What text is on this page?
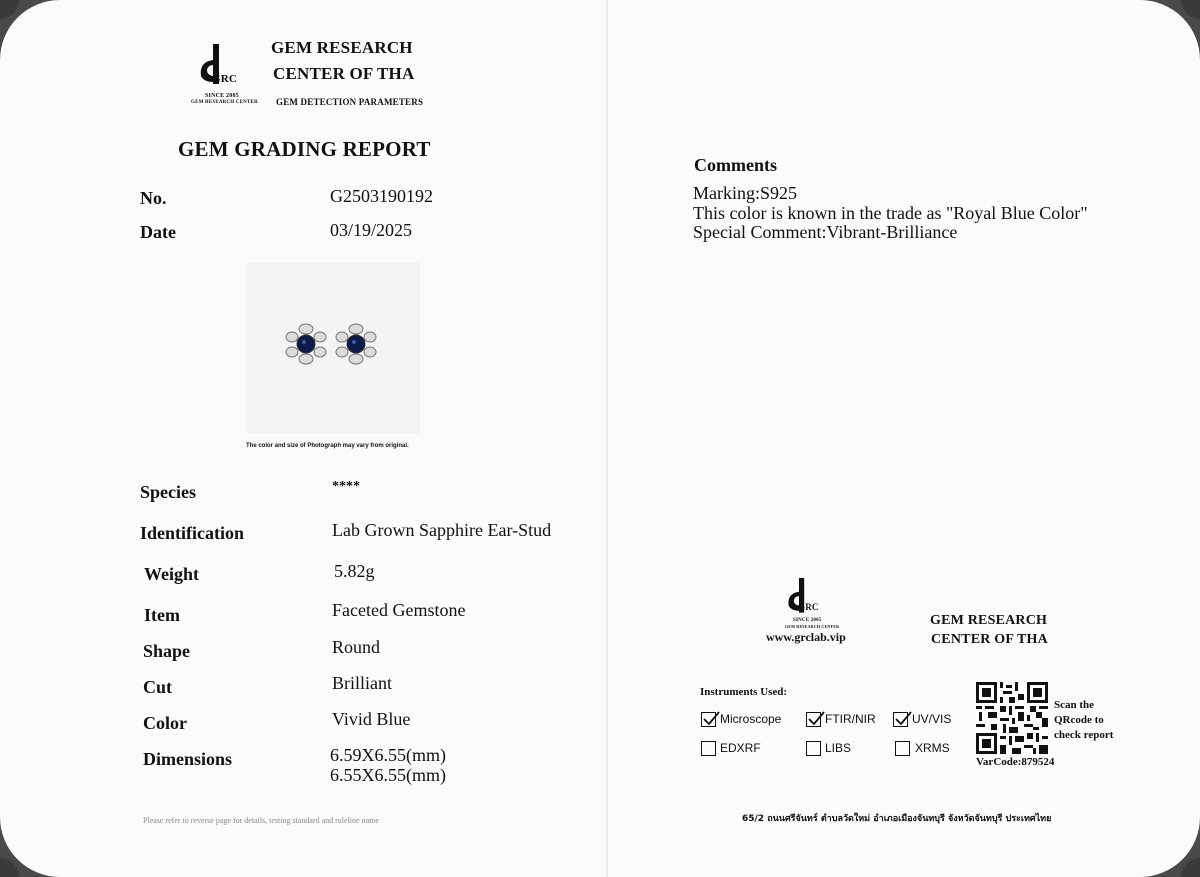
GRC
SINCE 2005
GEM RESEARCH CENTER
GEM RESEARCH
CENTER OF THA
GEM DETECTION PARAMETERS
GEM GRADING REPORT
No.	G2503190192
Date	03/19/2025
The color and size of Photograph may vary from original.
Species	****
Identification	Lab Grown Sapphire Ear-Stud
Weight	5.82g
Item	Faceted Gemstone
Shape	Round
Cut	Brilliant
Color	Vivid Blue
Dimensions	6.59X6.55(mm)
6.55X6.55(mm)
Please refer to reverse page for details, testing standard and ruleline name
Comments
Marking:S925
This color is known in the trade as "Royal Blue Color"
Special Comment:Vibrant-Brilliance
GRC
SINCE 2005
GEM RESEARCH CENTER
www.grclab.vip
GEM RESEARCH
CENTER OF THA
Instruments Used:
Microscope	FTIR/NIR	UV/VIS
EDXRF	LIBS	XRMS
Scan the
QRcode to
check report
VarCode:879524
65/2 ถนนศรีจันทร์ ตำบลวัดใหม่ อำเภอเมืองจันทบุรี จังหวัดจันทบุรี ประเทศไทย
